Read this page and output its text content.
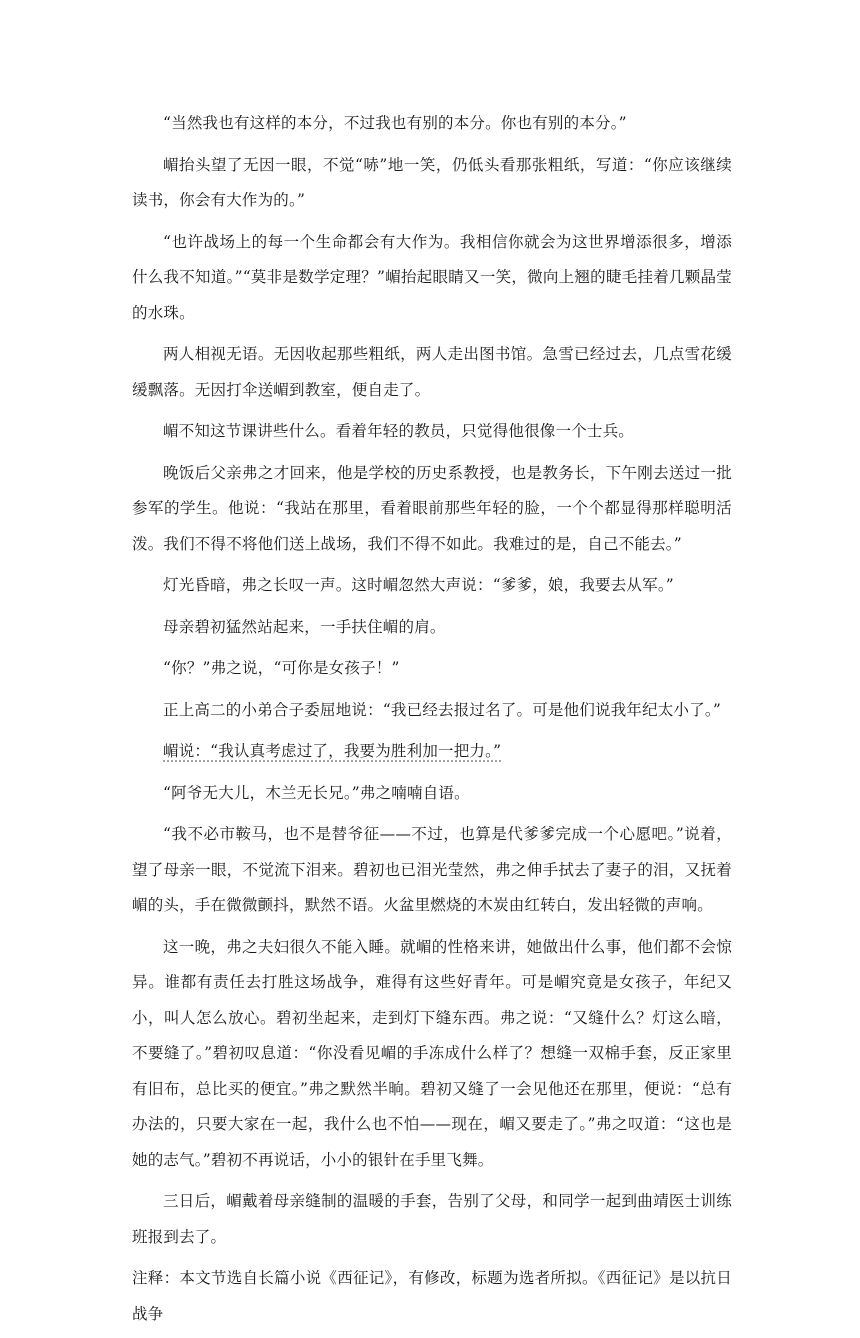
“当然我也有这样的本分，不过我也有别的本分。你也有别的本分。”

嵋抬头望了无因一眼，不觉“哧”地一笑，仍低头看那张粗纸，写道：“你应该继续读书，你会有大作为的。”

“也许战场上的每一个生命都会有大作为。我相信你就会为这世界增添很多，增添什么我不知道。”“莫非是数学定理？”嵋抬起眼睛又一笑，微向上翘的睫毛挂着几颗晶莹的水珠。

两人相视无语。无因收起那些粗纸，两人走出图书馆。急雪已经过去，几点雪花缓缓飘落。无因打伞送嵋到教室，便自走了。

嵋不知这节课讲些什么。看着年轻的教员，只觉得他很像一个士兵。

晚饭后父亲弗之才回来，他是学校的历史系教授，也是教务长，下午刚去送过一批参军的学生。他说：“我站在那里，看着眼前那些年轻的脸，一个个都显得那样聪明活泼。我们不得不将他们送上战场，我们不得不如此。我难过的是，自己不能去。”

灯光昏暗，弗之长叹一声。这时嵋忽然大声说：“爹爹，娘，我要去从军。”

母亲碧初猛然站起来，一手扶住嵋的肩。

“你？”弗之说，“可你是女孩子！”

正上高二的小弟合子委屈地说：“我已经去报过名了。可是他们说我年纪太小了。”

嵋说：“我认真考虑过了，我要为胜利加一把力。”

“阿爷无大儿，木兰无长兄。”弗之喃喃自语。

“我不必市鞍马，也不是替爷征——不过，也算是代爹爹完成一个心愿吧。”说着，望了母亲一眼，不觉流下泪来。碧初也已泪光莹然，弗之伸手拭去了妻子的泪，又抚着嵋的头，手在微微颤抖，默然不语。火盆里燃烧的木炭由红转白，发出轻微的声响。

这一晚，弗之夫妇很久不能入睡。就嵋的性格来讲，她做出什么事，他们都不会惊异。谁都有责任去打胜这场战争，难得有这些好青年。可是嵋究竟是女孩子，年纪又小，叫人怎么放心。碧初坐起来，走到灯下缝东西。弗之说：“又缝什么？灯这么暗，不要缝了。”碧初叹息道：“你没看见嵋的手冻成什么样了？想缝一双棉手套，反正家里有旧布，总比买的便宜。”弗之默然半晌。碧初又缝了一会见他还在那里，便说：“总有办法的，只要大家在一起，我什么也不怕——现在，嵋又要走了。”弗之叹道：“这也是她的志气。”碧初不再说话，小小的银针在手里飞舞。

三日后，嵋戴着母亲缝制的温暖的手套，告别了父母，和同学一起到曲靖医士训练班报到去了。

注释：本文节选自长篇小说《西征记》，有修改，标题为选者所拟。《西征记》是以抗日战争
